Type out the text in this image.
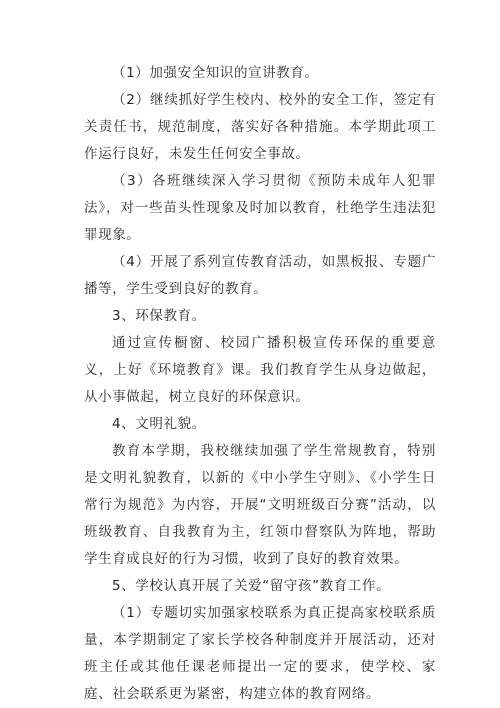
（1）加强安全知识的宣讲教育。

（2）继续抓好学生校内、校外的安全工作，签定有关责任书，规范制度，落实好各种措施。本学期此项工作运行良好，未发生任何安全事故。

（3）各班继续深入学习贯彻《预防未成年人犯罪法》，对一些苗头性现象及时加以教育，杜绝学生违法犯罪现象。

（4）开展了系列宣传教育活动，如黑板报、专题广播等，学生受到良好的教育。

3、环保教育。

通过宣传橱窗、校园广播积极宣传环保的重要意义，上好《环境教育》课。我们教育学生从身边做起，从小事做起，树立良好的环保意识。

4、文明礼貌。

教育本学期，我校继续加强了学生常规教育，特别是文明礼貌教育，以新的《中小学生守则》、《小学生日常行为规范》为内容，开展“文明班级百分赛”活动，以班级教育、自我教育为主，红领巾督察队为阵地，帮助学生育成良好的行为习惯，收到了良好的教育效果。

5、学校认真开展了关爱“留守孩”教育工作。

（1）专题切实加强家校联系为真正提高家校联系质量，本学期制定了家长学校各种制度并开展活动，还对班主任或其他任课老师提出一定的要求，使学校、家庭、社会联系更为紧密，构建立体的教育网络。
